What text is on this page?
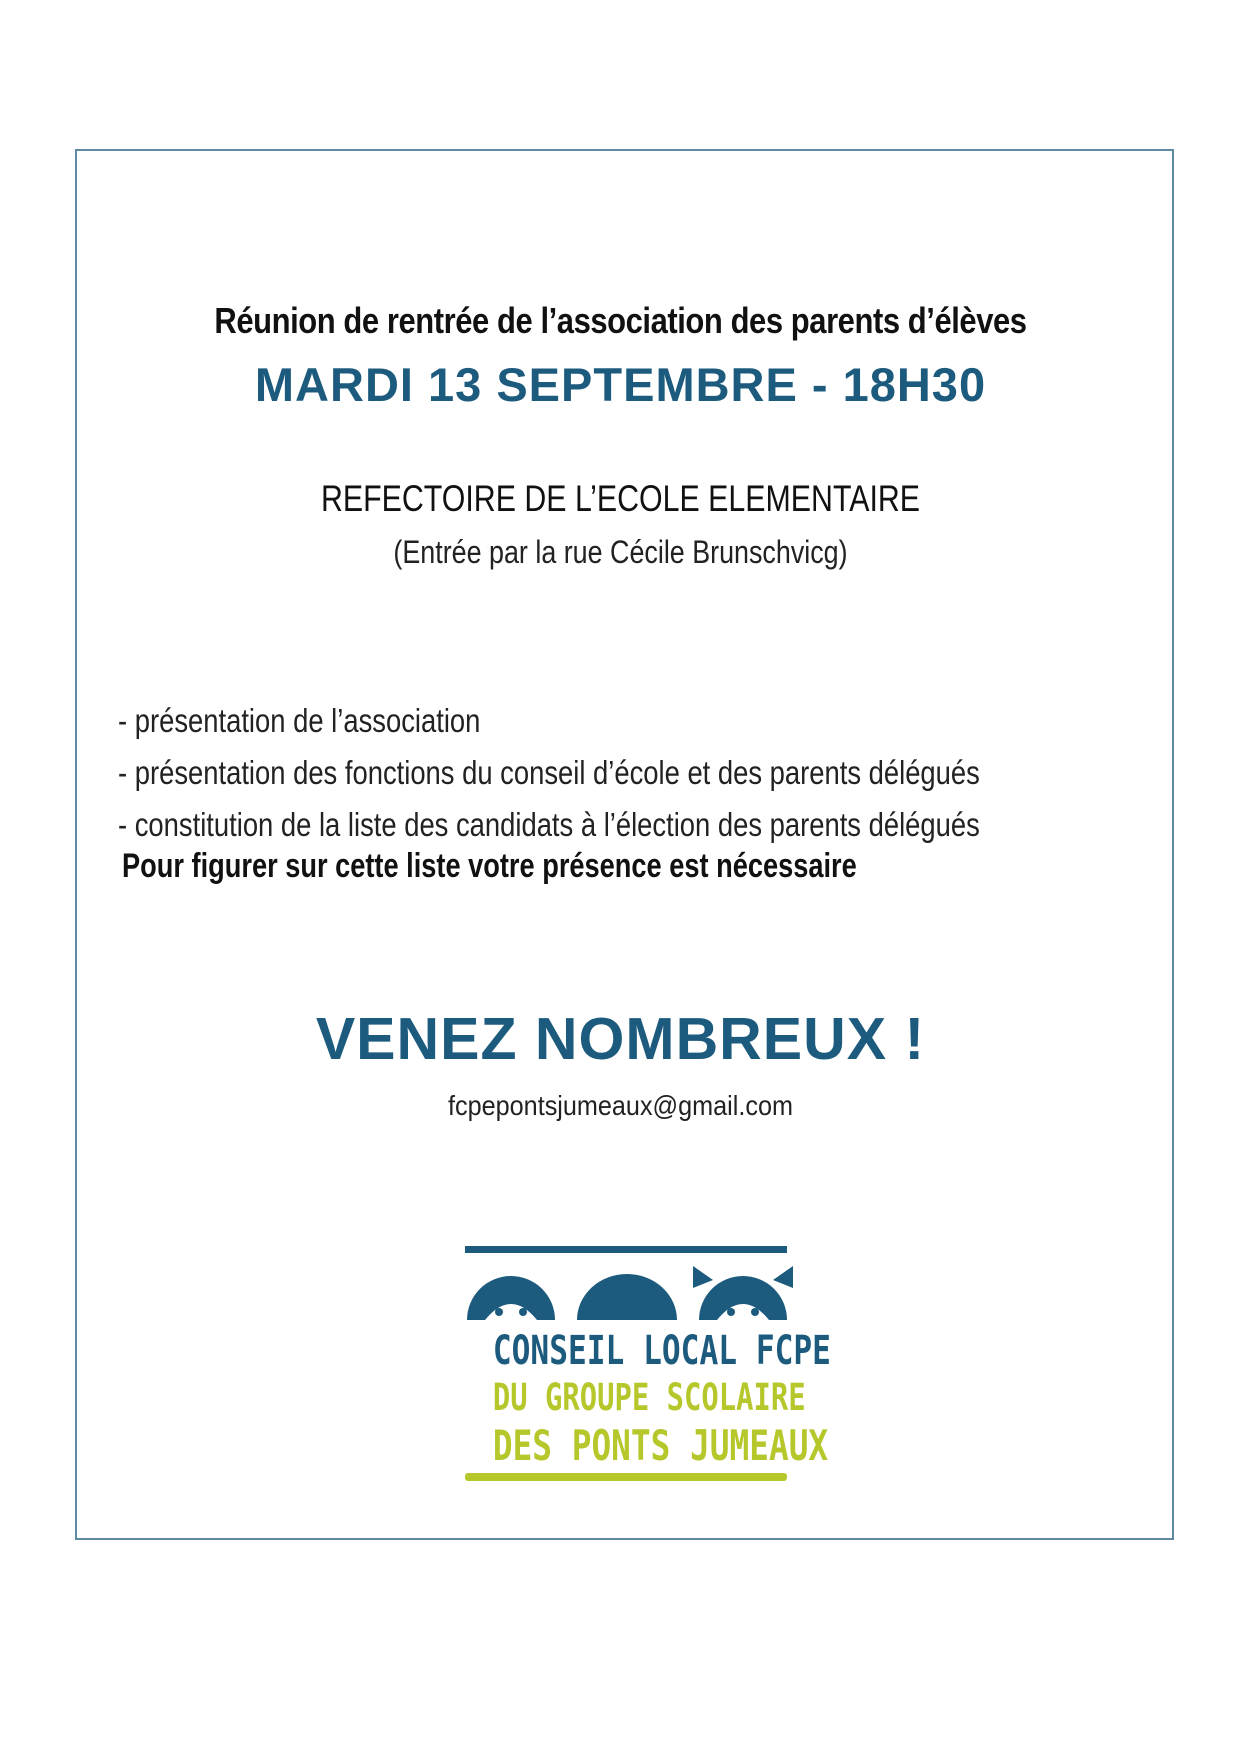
Réunion de rentrée de l’association des parents d’élèves
MARDI 13 SEPTEMBRE - 18H30
REFECTOIRE DE L’ECOLE ELEMENTAIRE
(Entrée par la rue Cécile Brunschvicg)
- présentation de l’association
- présentation des fonctions du conseil d’école et des parents délégués
- constitution de la liste des candidats à l’élection des parents délégués
Pour figurer sur cette liste votre présence est nécessaire
VENEZ NOMBREUX !
fcpepontsjumeaux@gmail.com
CONSEIL LOCAL FCPE
DU GROUPE SCOLAIRE
DES PONTS JUMEAUX
